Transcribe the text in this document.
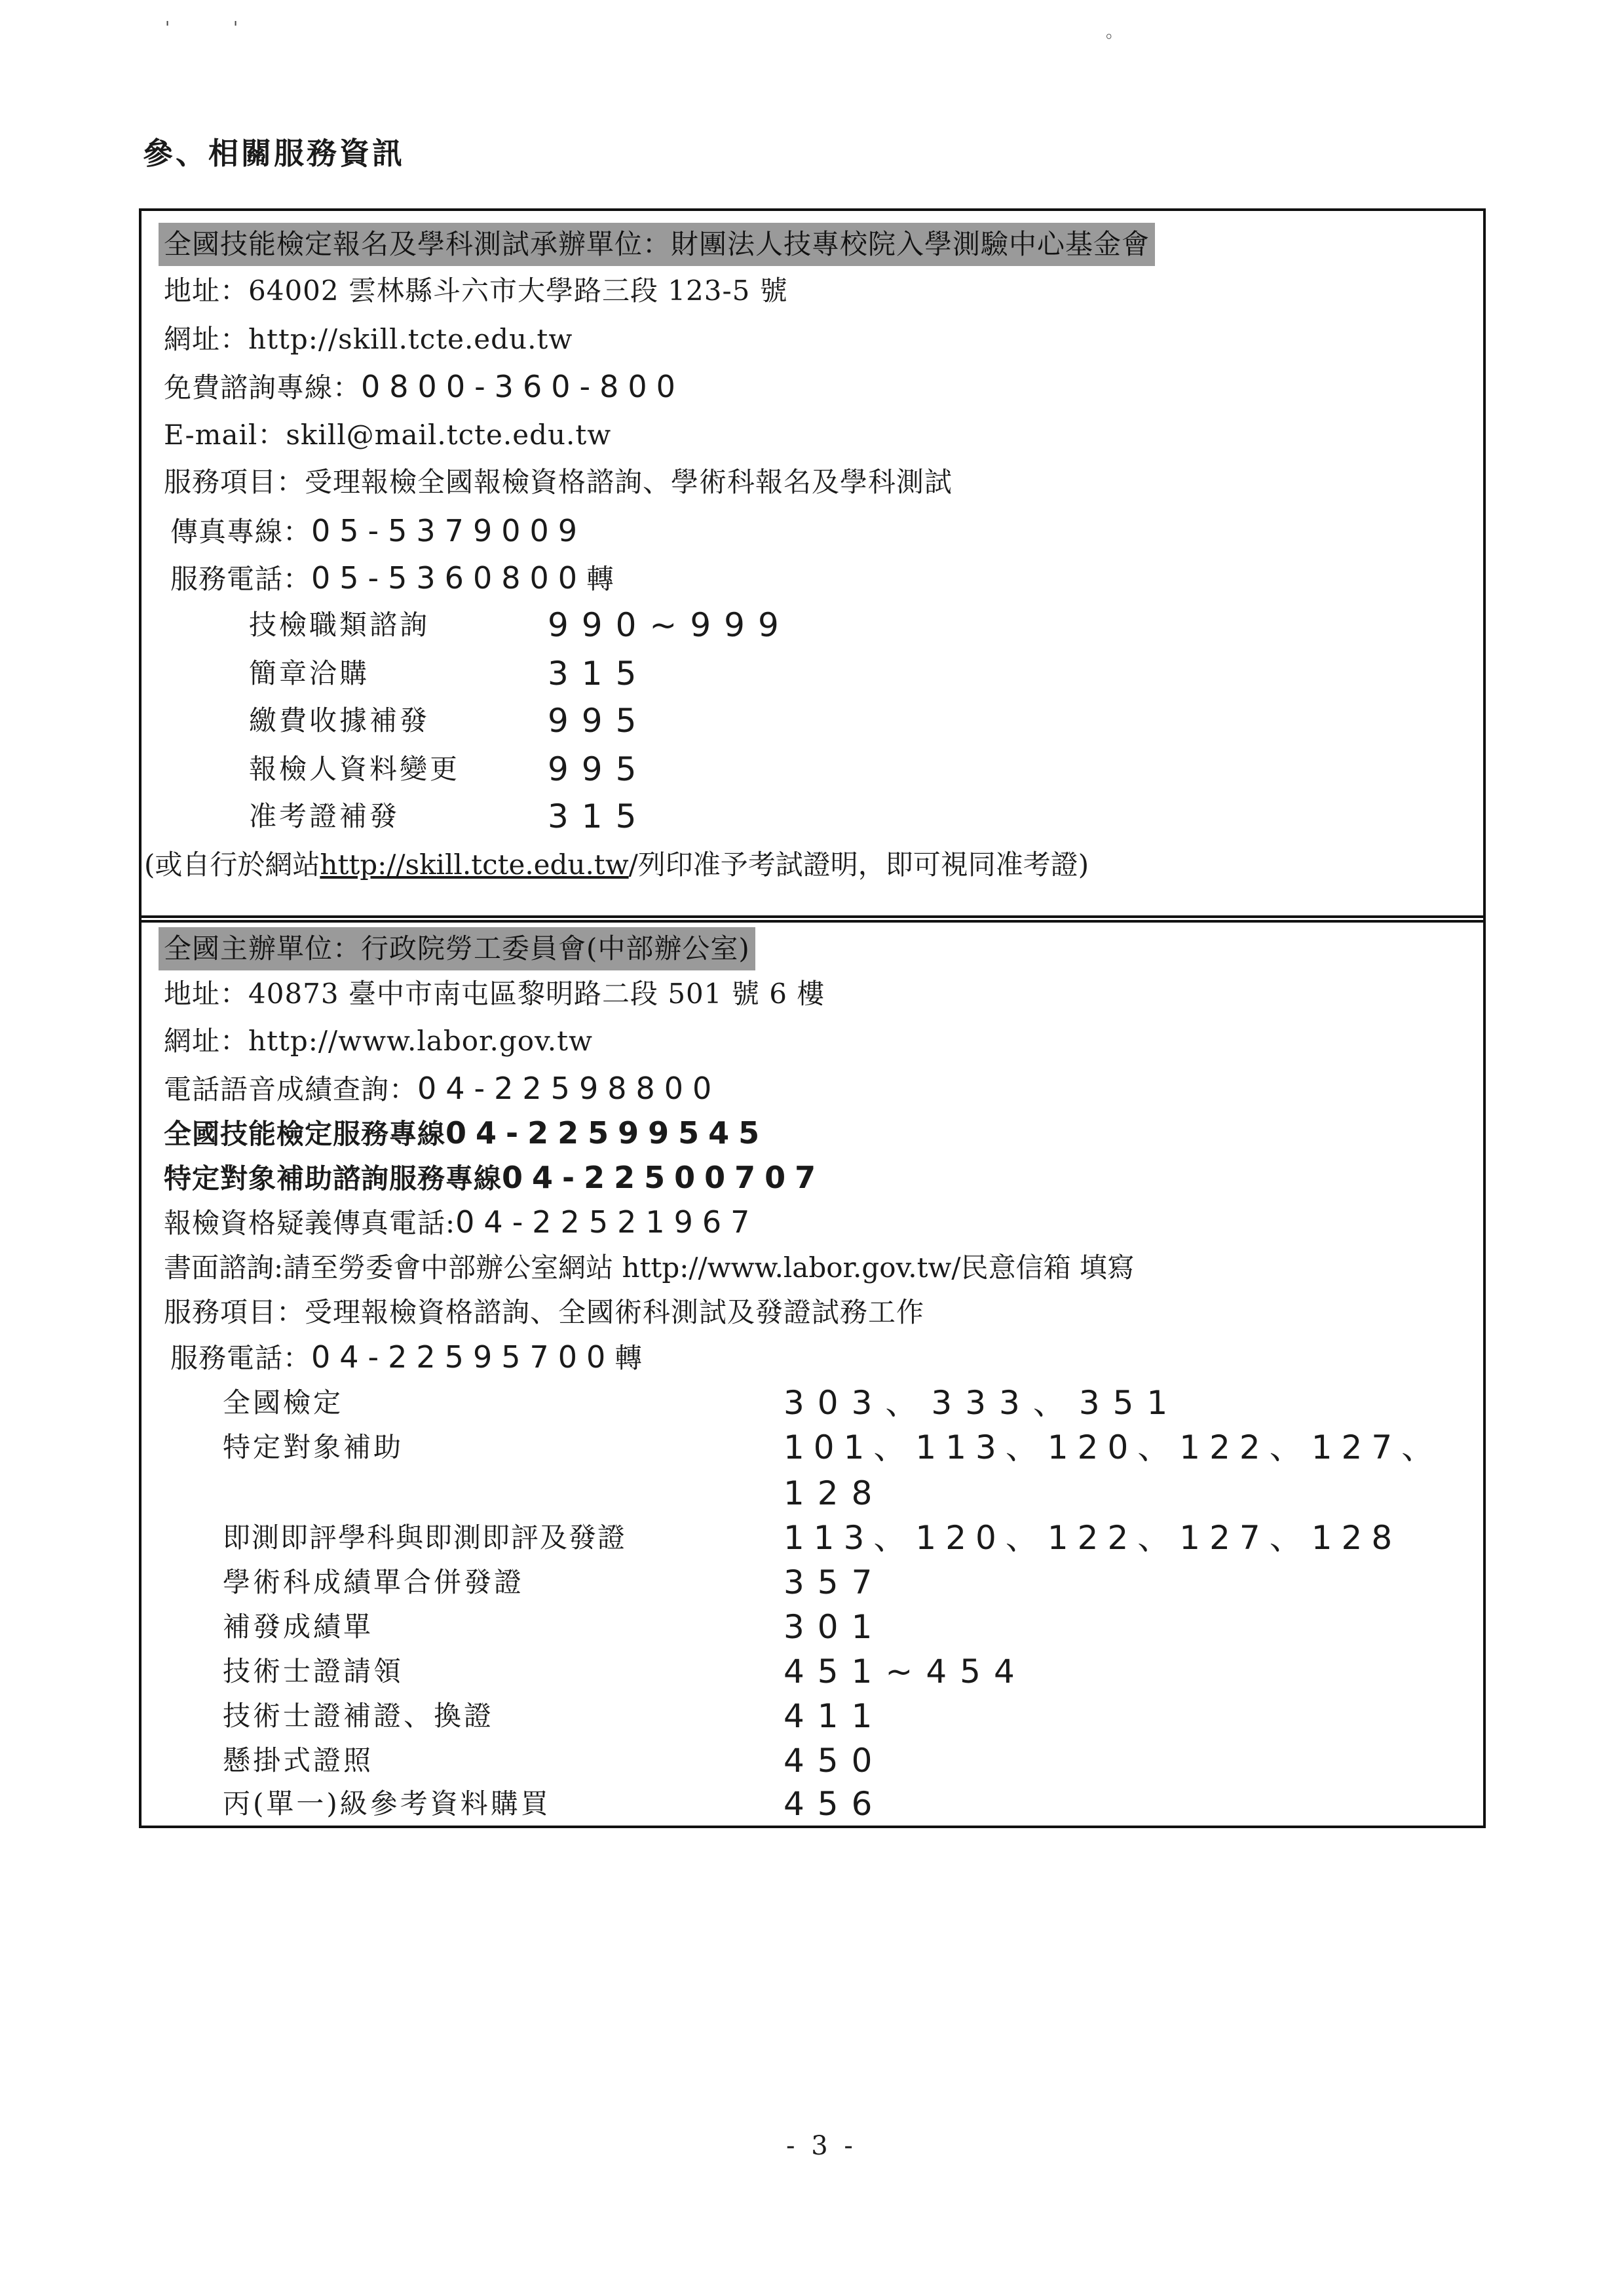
'	'	。
參、相關服務資訊
全國技能檢定報名及學科測試承辦單位：財團法人技專校院入學測驗中心基金會
地址：64002 雲林縣斗六市大學路三段 123-5 號
網址：http://skill.tcte.edu.tw
免費諮詢專線：0800-360-800
E-mail：skill@mail.tcte.edu.tw
服務項目：受理報檢全國報檢資格諮詢、學術科報名及學科測試
傳真專線：05-5379009
服務電話：05-5360800轉
技檢職類諮詢	990~999
簡章洽購	315
繳費收據補發	995
報檢人資料變更	995
准考證補發	315
(或自行於網站http://skill.tcte.edu.tw/列印准予考試證明，即可視同准考證)
全國主辦單位：行政院勞工委員會(中部辦公室)
地址：40873 臺中市南屯區黎明路二段 501 號 6 樓
網址：http://www.labor.gov.tw
電話語音成績查詢：04-22598800
全國技能檢定服務專線04-22599545
特定對象補助諮詢服務專線04-22500707
報檢資格疑義傳真電話:04-22521967
書面諮詢:請至勞委會中部辦公室網站 http://www.labor.gov.tw/民意信箱 填寫
服務項目：受理報檢資格諮詢、全國術科測試及發證試務工作
服務電話：04-22595700轉
全國檢定	303、333、351
特定對象補助	101、113、120、122、127、
128
即測即評學科與即測即評及發證	113、120、122、127、128
學術科成績單合併發證	357
補發成績單	301
技術士證請領	451~454
技術士證補證、換證	411
懸掛式證照	450
丙(單一)級參考資料購買	456
- 3 -
